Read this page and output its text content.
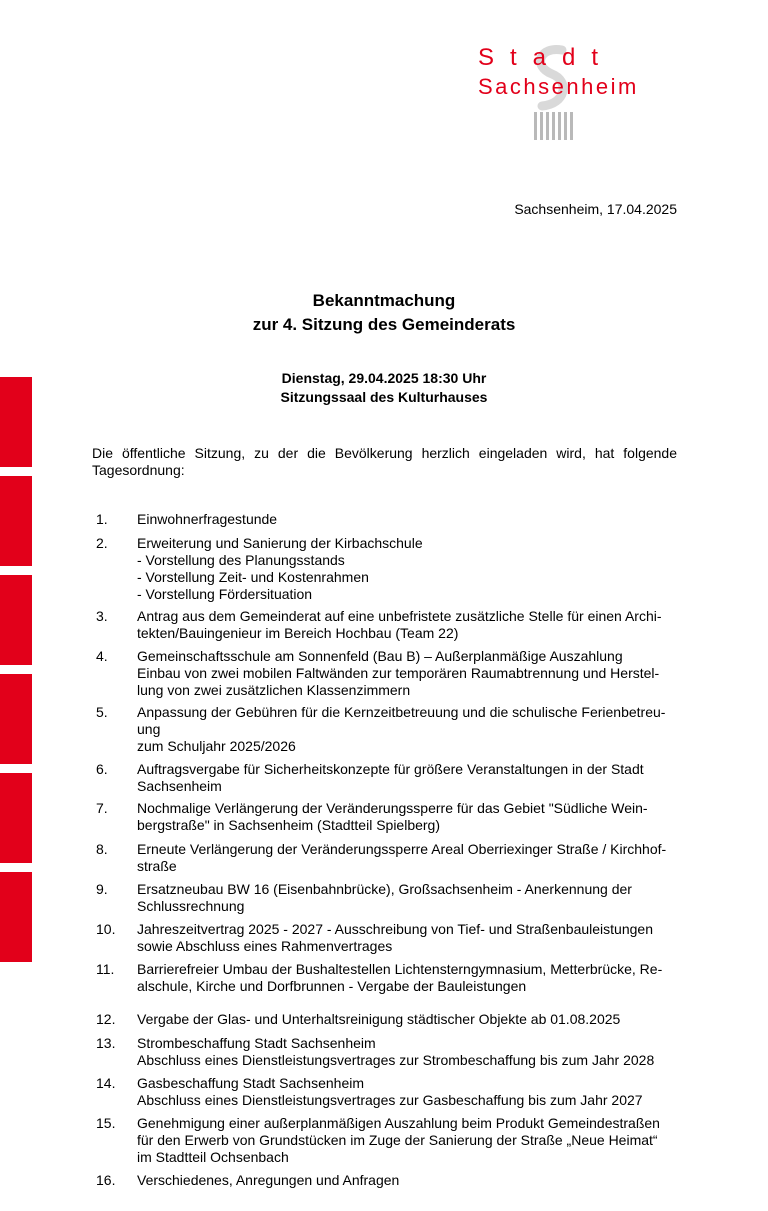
Stadt
Sachsenheim
Sachsenheim, 17.04.2025
Bekanntmachung
zur 4. Sitzung des Gemeinderats
Dienstag, 29.04.2025 18:30 Uhr
Sitzungssaal des Kulturhauses
Die öffentliche Sitzung, zu der die Bevölkerung herzlich eingeladen wird, hat folgende
Tagesordnung:
1.	Einwohnerfragestunde
2.	Erweiterung und Sanierung der Kirbachschule
- Vorstellung des Planungsstands
- Vorstellung Zeit- und Kostenrahmen
- Vorstellung Fördersituation
3.	Antrag aus dem Gemeinderat auf eine unbefristete zusätzliche Stelle für einen Archi-
tekten/Bauingenieur im Bereich Hochbau (Team 22)
4.	Gemeinschaftsschule am Sonnenfeld (Bau B) – Außerplanmäßige Auszahlung
Einbau von zwei mobilen Faltwänden zur temporären Raumabtrennung und Herstel-
lung von zwei zusätzlichen Klassenzimmern
5.	Anpassung der Gebühren für die Kernzeitbetreuung und die schulische Ferienbetreu-
ung
zum Schuljahr 2025/2026
6.	Auftragsvergabe für Sicherheitskonzepte für größere Veranstaltungen in der Stadt
Sachsenheim
7.	Nochmalige Verlängerung der Veränderungssperre für das Gebiet "Südliche Wein-
bergstraße" in Sachsenheim (Stadtteil Spielberg)
8.	Erneute Verlängerung der Veränderungssperre Areal Oberriexinger Straße / Kirchhof-
straße
9.	Ersatzneubau BW 16 (Eisenbahnbrücke), Großsachsenheim - Anerkennung der
Schlussrechnung
10.	Jahreszeitvertrag 2025 - 2027 - Ausschreibung von Tief- und Straßenbauleistungen
sowie Abschluss eines Rahmenvertrages
11.	Barrierefreier Umbau der Bushaltestellen Lichtensterngymnasium, Metterbrücke, Re-
alschule, Kirche und Dorfbrunnen - Vergabe der Bauleistungen
12.	Vergabe der Glas- und Unterhaltsreinigung städtischer Objekte ab 01.08.2025
13.	Strombeschaffung Stadt Sachsenheim
Abschluss eines Dienstleistungsvertrages zur Strombeschaffung bis zum Jahr 2028
14.	Gasbeschaffung Stadt Sachsenheim
Abschluss eines Dienstleistungsvertrages zur Gasbeschaffung bis zum Jahr 2027
15.	Genehmigung einer außerplanmäßigen Auszahlung beim Produkt Gemeindestraßen
für den Erwerb von Grundstücken im Zuge der Sanierung der Straße „Neue Heimat“
im Stadtteil Ochsenbach
16.	Verschiedenes, Anregungen und Anfragen
